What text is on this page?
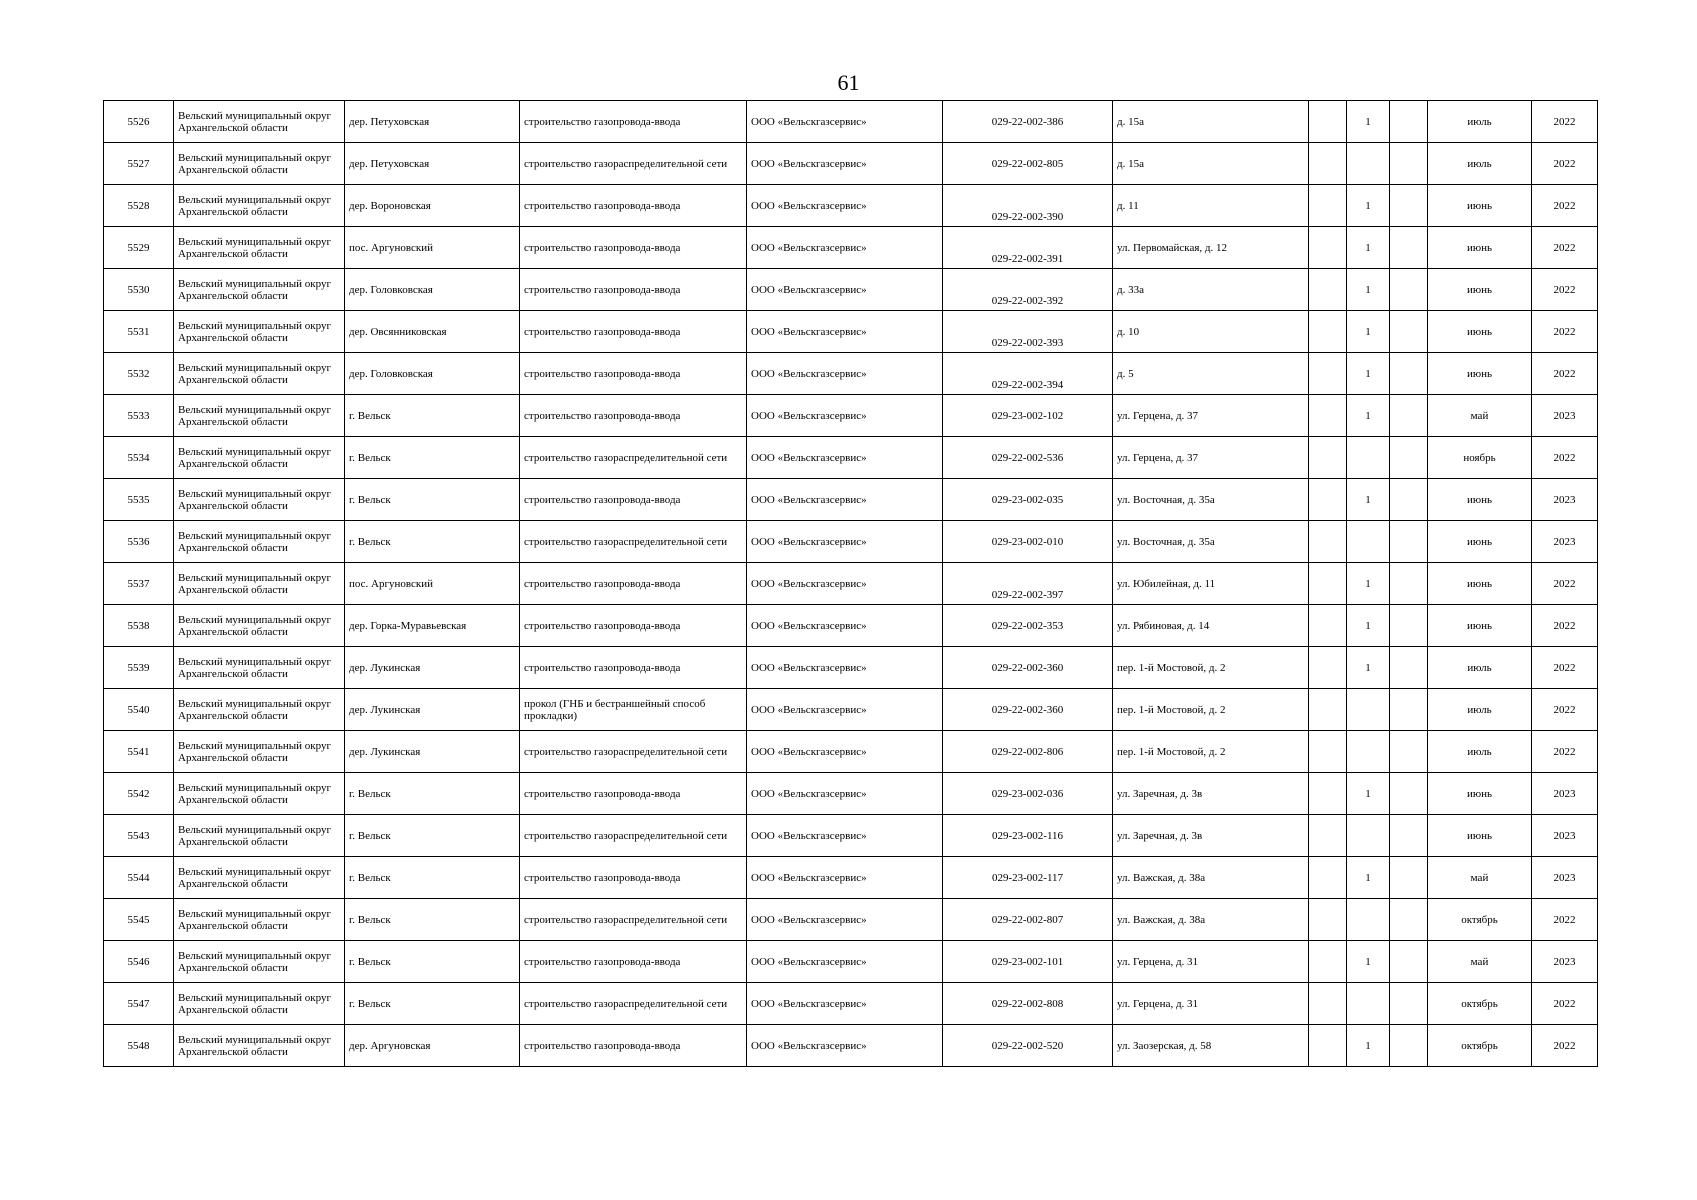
61
5526	Вельский муниципальный округ Архангельской области	дер. Петуховская	строительство газопровода-ввода	ООО «Вельскгазсервис»	029-22-002-386	д. 15а		1		июль	2022
5527	Вельский муниципальный округ Архангельской области	дер. Петуховская	строительство газораспределительной сети	ООО «Вельскгазсервис»	029-22-002-805	д. 15а				июль	2022
5528	Вельский муниципальный округ Архангельской области	дер. Вороновская	строительство газопровода-ввода	ООО «Вельскгазсервис»	029-22-002-390	д. 11		1		июнь	2022
5529	Вельский муниципальный округ Архангельской области	пос. Аргуновский	строительство газопровода-ввода	ООО «Вельскгазсервис»	029-22-002-391	ул. Первомайская, д. 12		1		июнь	2022
5530	Вельский муниципальный округ Архангельской области	дер. Головковская	строительство газопровода-ввода	ООО «Вельскгазсервис»	029-22-002-392	д. 33а		1		июнь	2022
5531	Вельский муниципальный округ Архангельской области	дер. Овсянниковская	строительство газопровода-ввода	ООО «Вельскгазсервис»	029-22-002-393	д. 10		1		июнь	2022
5532	Вельский муниципальный округ Архангельской области	дер. Головковская	строительство газопровода-ввода	ООО «Вельскгазсервис»	029-22-002-394	д. 5		1		июнь	2022
5533	Вельский муниципальный округ Архангельской области	г. Вельск	строительство газопровода-ввода	ООО «Вельскгазсервис»	029-23-002-102	ул. Герцена, д. 37		1		май	2023
5534	Вельский муниципальный округ Архангельской области	г. Вельск	строительство газораспределительной сети	ООО «Вельскгазсервис»	029-22-002-536	ул. Герцена, д. 37				ноябрь	2022
5535	Вельский муниципальный округ Архангельской области	г. Вельск	строительство газопровода-ввода	ООО «Вельскгазсервис»	029-23-002-035	ул. Восточная, д. 35а		1		июнь	2023
5536	Вельский муниципальный округ Архангельской области	г. Вельск	строительство газораспределительной сети	ООО «Вельскгазсервис»	029-23-002-010	ул. Восточная, д. 35а				июнь	2023
5537	Вельский муниципальный округ Архангельской области	пос. Аргуновский	строительство газопровода-ввода	ООО «Вельскгазсервис»	029-22-002-397	ул. Юбилейная, д. 11		1		июнь	2022
5538	Вельский муниципальный округ Архангельской области	дер. Горка-Муравьевская	строительство газопровода-ввода	ООО «Вельскгазсервис»	029-22-002-353	ул. Рябиновая, д. 14		1		июнь	2022
5539	Вельский муниципальный округ Архангельской области	дер. Лукинская	строительство газопровода-ввода	ООО «Вельскгазсервис»	029-22-002-360	пер. 1-й Мостовой, д. 2		1		июль	2022
5540	Вельский муниципальный округ Архангельской области	дер. Лукинская	прокол (ГНБ и бестраншейный способ прокладки)	ООО «Вельскгазсервис»	029-22-002-360	пер. 1-й Мостовой, д. 2				июль	2022
5541	Вельский муниципальный округ Архангельской области	дер. Лукинская	строительство газораспределительной сети	ООО «Вельскгазсервис»	029-22-002-806	пер. 1-й Мостовой, д. 2				июль	2022
5542	Вельский муниципальный округ Архангельской области	г. Вельск	строительство газопровода-ввода	ООО «Вельскгазсервис»	029-23-002-036	ул. Заречная, д. 3в		1		июнь	2023
5543	Вельский муниципальный округ Архангельской области	г. Вельск	строительство газораспределительной сети	ООО «Вельскгазсервис»	029-23-002-116	ул. Заречная, д. 3в				июнь	2023
5544	Вельский муниципальный округ Архангельской области	г. Вельск	строительство газопровода-ввода	ООО «Вельскгазсервис»	029-23-002-117	ул. Важская, д. 38а		1		май	2023
5545	Вельский муниципальный округ Архангельской области	г. Вельск	строительство газораспределительной сети	ООО «Вельскгазсервис»	029-22-002-807	ул. Важская, д. 38а				октябрь	2022
5546	Вельский муниципальный округ Архангельской области	г. Вельск	строительство газопровода-ввода	ООО «Вельскгазсервис»	029-23-002-101	ул. Герцена, д. 31		1		май	2023
5547	Вельский муниципальный округ Архангельской области	г. Вельск	строительство газораспределительной сети	ООО «Вельскгазсервис»	029-22-002-808	ул. Герцена, д. 31				октябрь	2022
5548	Вельский муниципальный округ Архангельской области	дер. Аргуновская	строительство газопровода-ввода	ООО «Вельскгазсервис»	029-22-002-520	ул. Заозерская, д. 58		1		октябрь	2022
